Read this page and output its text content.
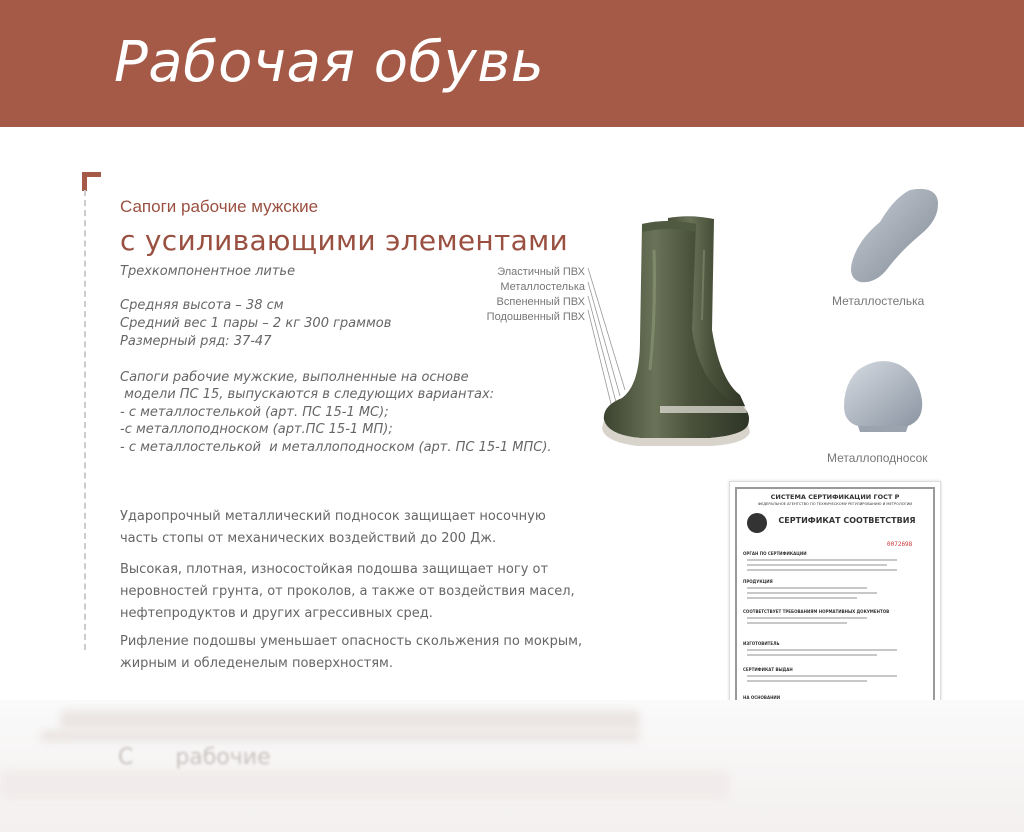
Рабочая обувь
Сапоги рабочие мужские
с усиливающими элементами
Трехкомпонентное литье
Средняя высота – 38 см
Средний вес 1 пары – 2 кг 300 граммов
Размерный ряд: 37-47
Сапоги рабочие мужские, выполненные на основе
модели ПС 15, выпускаются в следующих вариантах:
- с металлостелькой (арт. ПС 15-1 МС);
-с металлоподноском (арт.ПС 15-1 МП);
- с металлостелькой  и металлоподноском (арт. ПС 15-1 МПС).
Ударопрочный металлический подносок защищает носочную
часть стопы от механических воздействий до 200 Дж.
Высокая, плотная, износостойкая подошва защищает ногу от
неровностей грунта, от проколов, а также от воздействия масел,
нефтепродуктов и других агрессивных сред.
Рифление подошвы уменьшает опасность скольжения по мокрым,
жирным и обледенелым поверхностям.
Эластичный ПВХ
Металлостелька
Вспененный ПВХ
Подошвенный ПВХ
Металлостелька
Металлоподносок
СИСТЕМА СЕРТИФИКАЦИИ ГОСТ Р
ФЕДЕРАЛЬНОЕ АГЕНТСТВО ПО ТЕХНИЧЕСКОМУ РЕГУЛИРОВАНИЮ И МЕТРОЛОГИИ
СЕРТИФИКАТ СООТВЕТСТВИЯ
0072698
ОРГАН ПО СЕРТИФИКАЦИИ
ПРОДУКЦИЯ
СООТВЕТСТВУЕТ ТРЕБОВАНИЯМ НОРМАТИВНЫХ ДОКУМЕНТОВ
ИЗГОТОВИТЕЛЬ
СЕРТИФИКАТ ВЫДАН
НА ОСНОВАНИИ
С      рабочие
